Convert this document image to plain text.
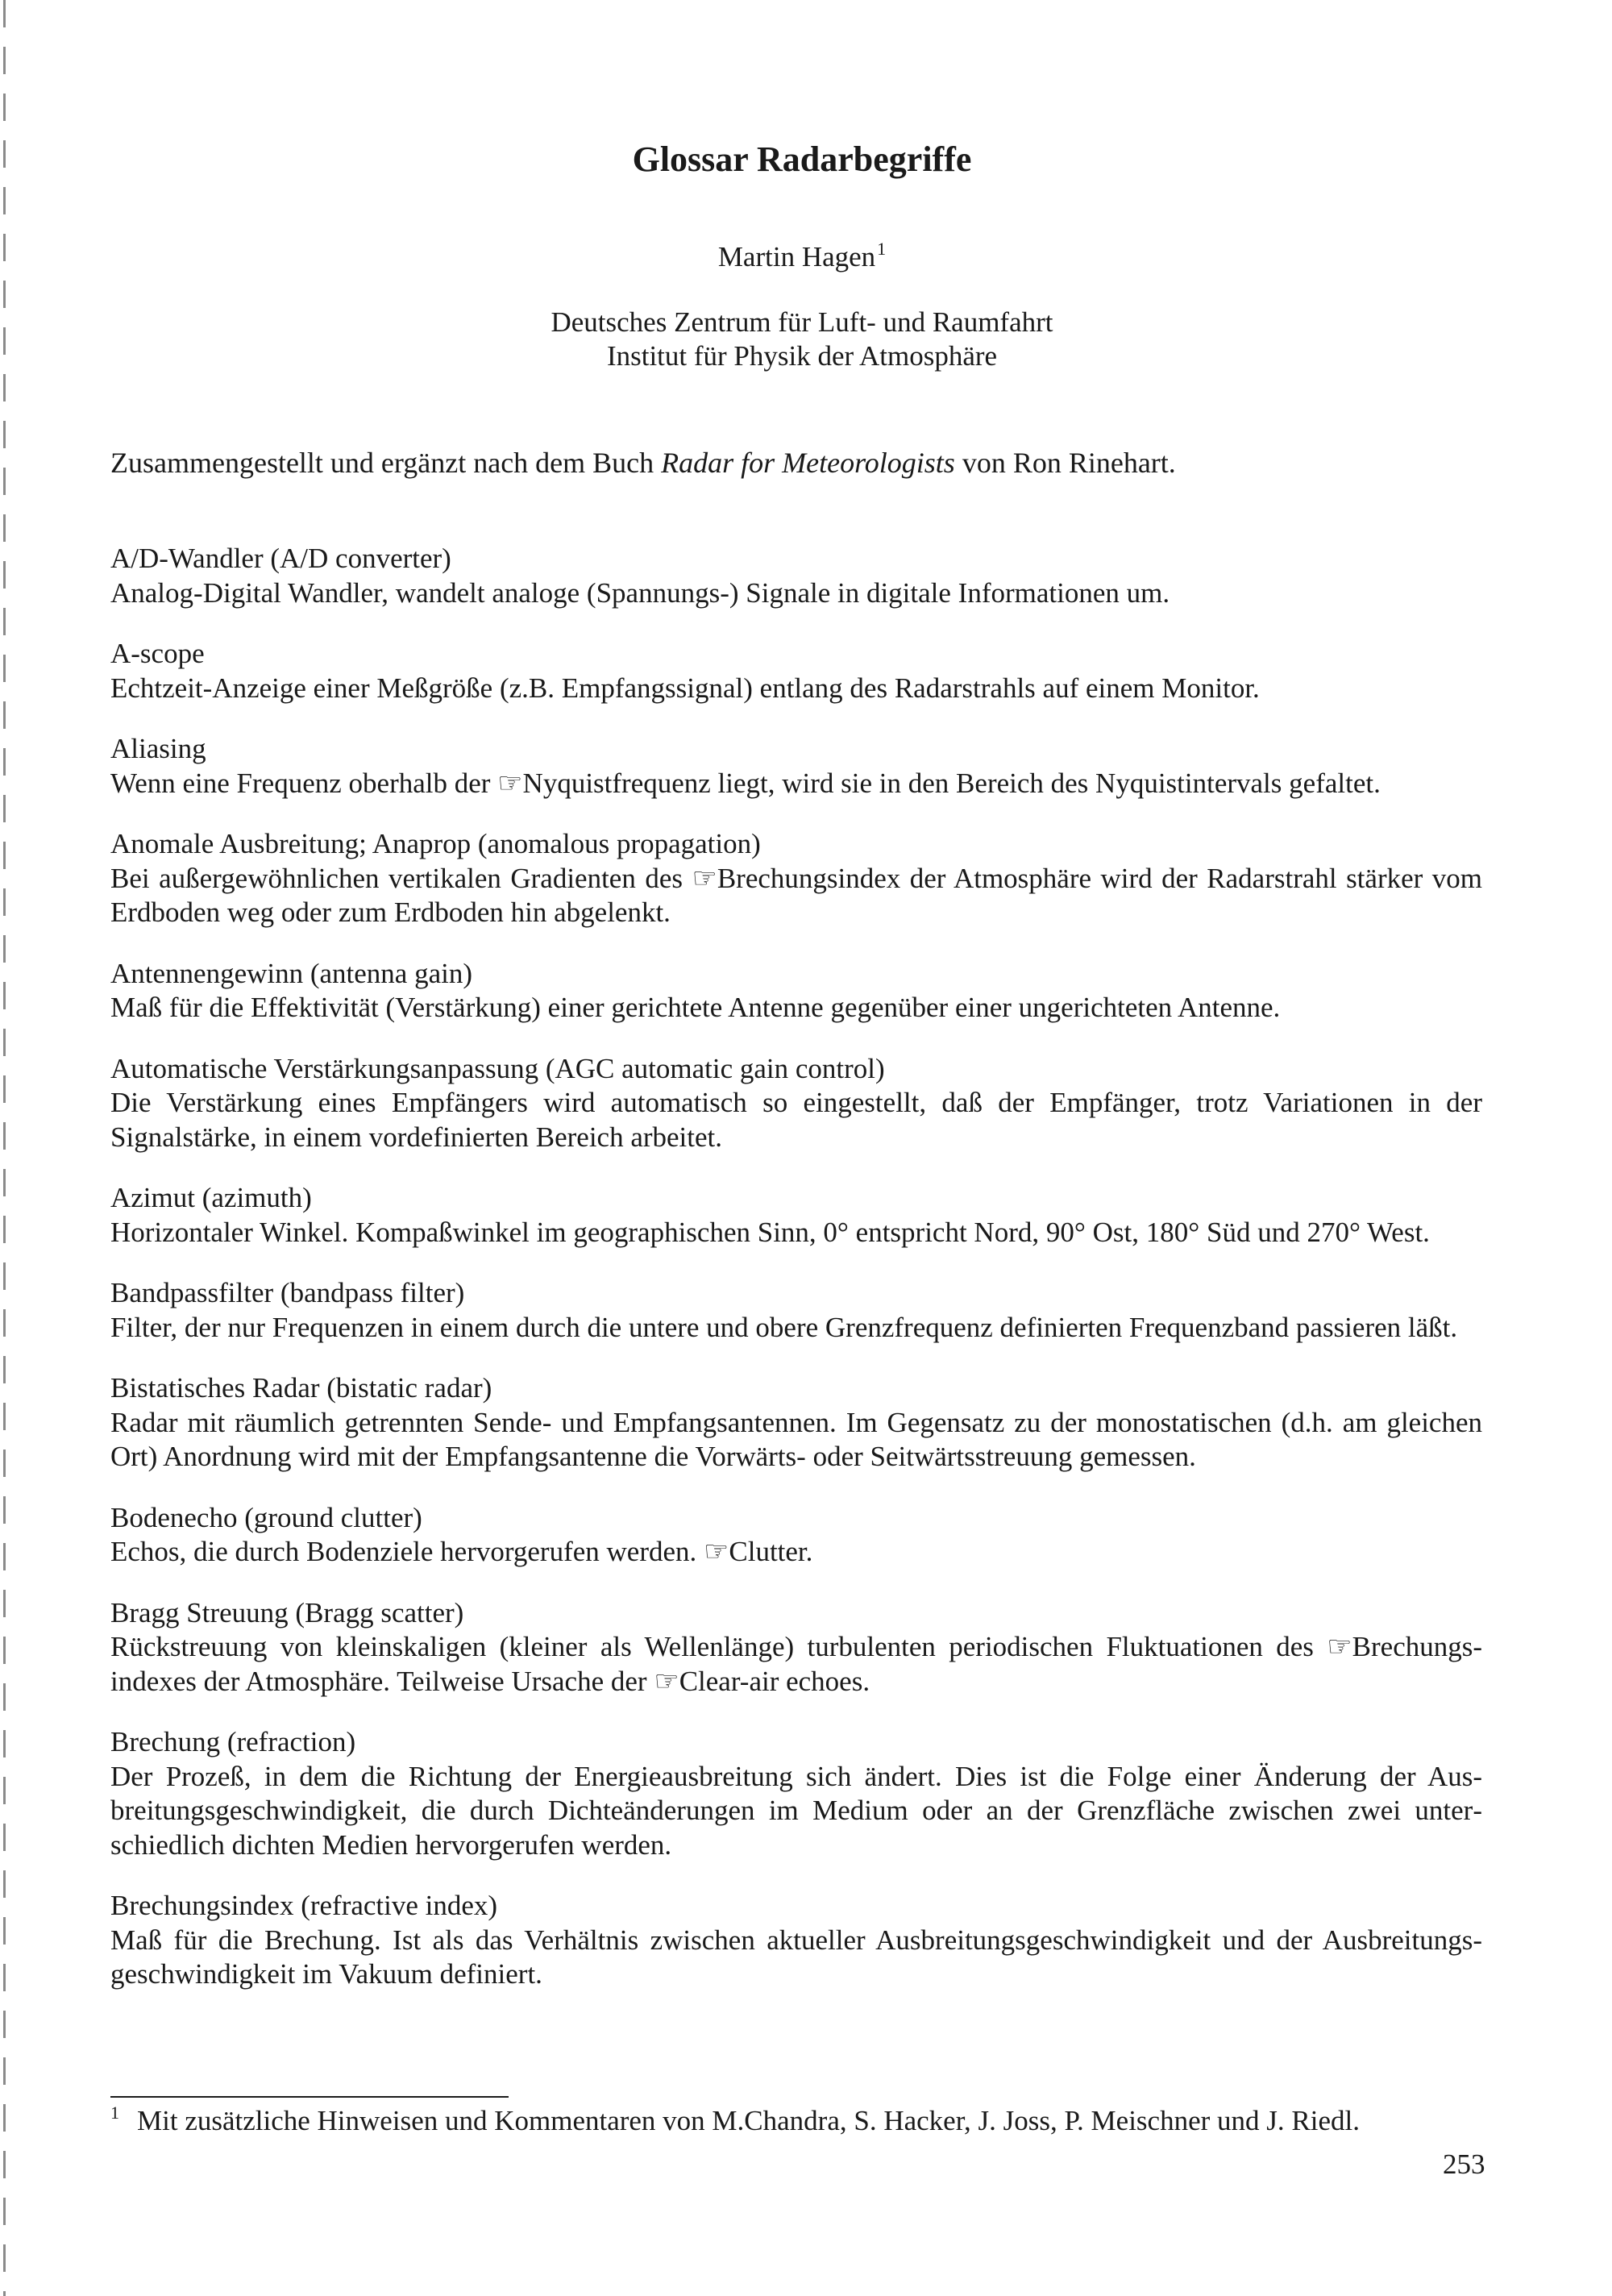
Glossar Radarbegriffe
Martin Hagen$^1$
Deutsches Zentrum für Luft- und Raumfahrt
Institut für Physik der Atmosphäre

Zusammengestellt und ergänzt nach dem Buch Radar for Meteorologists von Ron Rinehart.

A/D-Wandler (A/D converter)
Analog-Digital Wandler, wandelt analoge (Spannungs-) Signale in digitale Informationen um.
A-scope
Echtzeit-Anzeige einer Meßgröße (z.B. Empfangssignal) entlang des Radarstrahls auf einem Monitor.
Aliasing
Wenn eine Frequenz oberhalb der ☞Nyquistfrequenz liegt, wird sie in den Bereich des Nyquistintervals gefaltet.
Anomale Ausbreitung; Anaprop (anomalous propagation)
Bei außergewöhnlichen vertikalen Gradienten des ☞Brechungsindex der Atmosphäre wird der Radarstrahl stärker vom Erdboden weg oder zum Erdboden hin abgelenkt.
Antennengewinn (antenna gain)
Maß für die Effektivität (Verstärkung) einer gerichtete Antenne gegenüber einer ungerichteten Antenne.
Automatische Verstärkungsanpassung (AGC automatic gain control)
Die Verstärkung eines Empfängers wird automatisch so eingestellt, daß der Empfänger, trotz Variationen in der Signalstärke, in einem vordefinierten Bereich arbeitet.
Azimut (azimuth)
Horizontaler Winkel. Kompaßwinkel im geographischen Sinn, 0° entspricht Nord, 90° Ost, 180° Süd und 270° West.
Bandpassfilter (bandpass filter)
Filter, der nur Frequenzen in einem durch die untere und obere Grenzfrequenz definierten Frequenzband passieren läßt.
Bistatisches Radar (bistatic radar)
Radar mit räumlich getrennten Sende- und Empfangsantennen. Im Gegensatz zu der monostatischen (d.h. am gleichen Ort) Anordnung wird mit der Empfangsantenne die Vorwärts- oder Seitwärtsstreuung gemessen.
Bodenecho (ground clutter)
Echos, die durch Bodenziele hervorgerufen werden. ☞Clutter.
Bragg Streuung (Bragg scatter)
Rückstreuung von kleinskaligen (kleiner als Wellenlänge) turbulenten periodischen Fluktuationen des ☞Brechungsindexes der Atmosphäre. Teilweise Ursache der ☞Clear-air echoes.
Brechung (refraction)
Der Prozeß, in dem die Richtung der Energieausbreitung sich ändert. Dies ist die Folge einer Änderung der Ausbreitungsgeschwindigkeit, die durch Dichteänderungen im Medium oder an der Grenzfläche zwischen zwei unterschiedlich dichten Medien hervorgerufen werden.
Brechungsindex (refractive index)
Maß für die Brechung. Ist als das Verhältnis zwischen aktueller Ausbreitungsgeschwindigkeit und der Ausbreitungsgeschwindigkeit im Vakuum definiert.
$^1$ Mit zusätzliche Hinweisen und Kommentaren von M.Chandra, S. Hacker, J. Joss, P. Meischner und J. Riedl.
253
